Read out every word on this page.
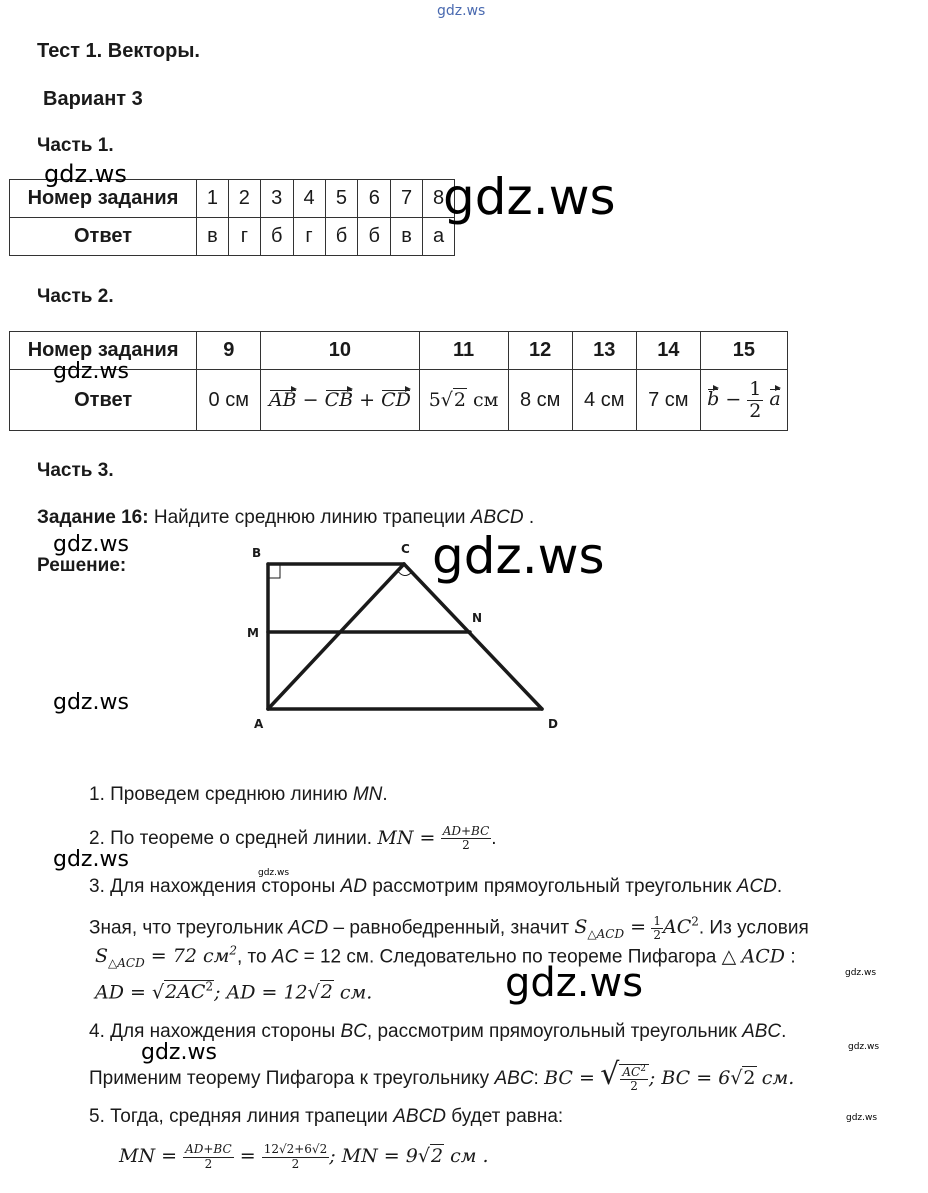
gdz.ws
Тест 1. Векторы.
Вариант 3
Часть 1.
Номер задания	1	2	3	4	5	6	7	8
Ответ	в	г	б	г	б	б	в	а
Часть 2.
Номер задания	9	10	11	12	13	14	15
Ответ	0 см	AB − CB + CD	5√2 см	8 см	4 см	7 см	$b - \frac{1}{2}$ a
Часть 3.
Задание 16: Найдите среднюю линию трапеции ABCD .
Решение:
B	C
M
N
A	D
1. Проведем среднюю линию MN.
2. По теореме о средней линии. MN = $\frac{AD+BC}{2}$ .
3. Для нахождения стороны AD рассмотрим прямоугольный треугольник ACD.
Зная, что треугольник ACD – равнобедренный, значит $S_{\triangle ACD} = \frac{1}{2} AC^2$. Из условия
$S_{\triangle ACD} = 72$ $см^2$, то AC = 12 см. Следовательно по теореме Пифагора △ ACD :
AD = $√2AC^2$; AD = 12√2 см.
4. Для нахождения стороны BC, рассмотрим прямоугольный треугольник ABC.
Применим теорему Пифагора к треугольнику ABC: BC = √ $\frac{AC^2}{2}$ ; BC = 6√2 см.
5. Тогда, средняя линия трапеции ABCD будет равна:
MN = $\frac{AD+BC}{2} = \frac{12√2+6√2}{2}$ ; MN = 9√2 см .
gdz.ws
gdz.ws
gdz.ws
gdz.ws
gdz.ws
gdz.ws
gdz.ws
gdz.ws
gdz.ws
gdz.ws
gdz.ws
gdz.ws
gdz.ws
